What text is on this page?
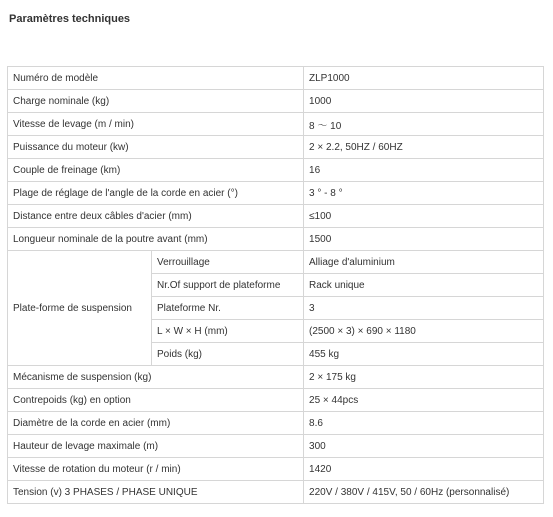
Paramètres techniques
Numéro de modèle		ZLP1000
Charge nominale (kg)		1000
Vitesse de levage (m / min)		8 ～ 10
Puissance du moteur (kw)		2 × 2.2, 50HZ / 60HZ
Couple de freinage (km)		16
Plage de réglage de l'angle de la corde en acier (°)		3 ° - 8 °
Distance entre deux câbles d'acier (mm)		≤100
Longueur nominale de la poutre avant (mm)		1500
Plate-forme de suspension	Verrouillage	Alliage d'aluminium
	Nr.Of support de plateforme	Rack unique
	Plateforme Nr.	3
	L × W × H (mm)	(2500 × 3) × 690 × 1180
	Poids (kg)	455 kg
Mécanisme de suspension (kg)		2 × 175 kg
Contrepoids (kg) en option		25 × 44pcs
Diamètre de la corde en acier (mm)		8.6
Hauteur de levage maximale (m)		300
Vitesse de rotation du moteur (r / min)		1420
Tension (v) 3 PHASES / PHASE UNIQUE		220V / 380V / 415V, 50 / 60Hz (personnalisé)
